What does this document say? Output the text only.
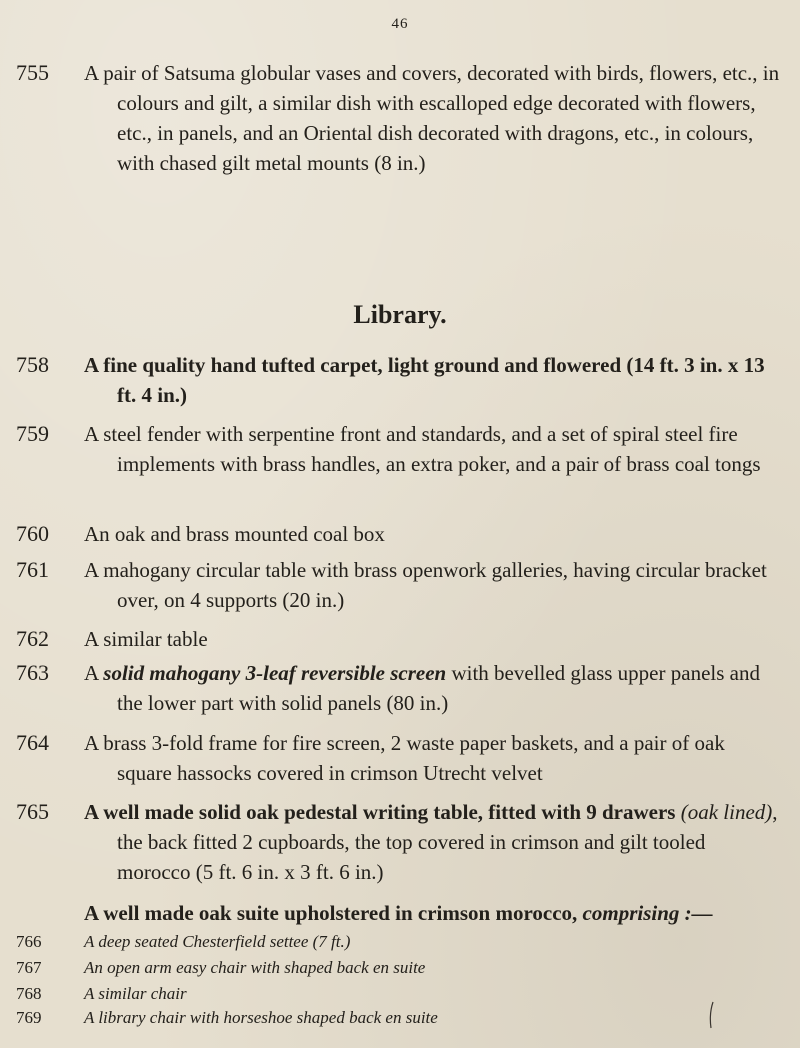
46
755	A pair of Satsuma globular vases and covers, decorated with birds, flowers, etc., in colours and gilt, a similar dish with escalloped edge decorated with flowers, etc., in panels, and an Oriental dish decorated with dragons, etc., in colours, with chased gilt metal mounts (8 in.)
Library.
758	A fine quality hand tufted carpet, light ground and flowered (14 ft. 3 in. x 13 ft. 4 in.)
759	A steel fender with serpentine front and standards, and a set of spiral steel fire implements with brass handles, an extra poker, and a pair of brass coal tongs
760	An oak and brass mounted coal box
761	A mahogany circular table with brass openwork galleries, having circular bracket over, on 4 supports (20 in.)
762	A similar table
763	A solid mahogany 3-leaf reversible screen with bevelled glass upper panels and the lower part with solid panels (80 in.)
764	A brass 3-fold frame for fire screen, 2 waste paper baskets, and a pair of oak square hassocks covered in crimson Utrecht velvet
765	A well made solid oak pedestal writing table, fitted with 9 drawers (oak lined), the back fitted 2 cupboards, the top covered in crimson and gilt tooled morocco (5 ft. 6 in. x 3 ft. 6 in.)
A well made oak suite upholstered in crimson morocco, comprising :—
766	A deep seated Chesterfield settee (7 ft.)
767	An open arm easy chair with shaped back en suite
768	A similar chair
769	A library chair with horseshoe shaped back en suite
